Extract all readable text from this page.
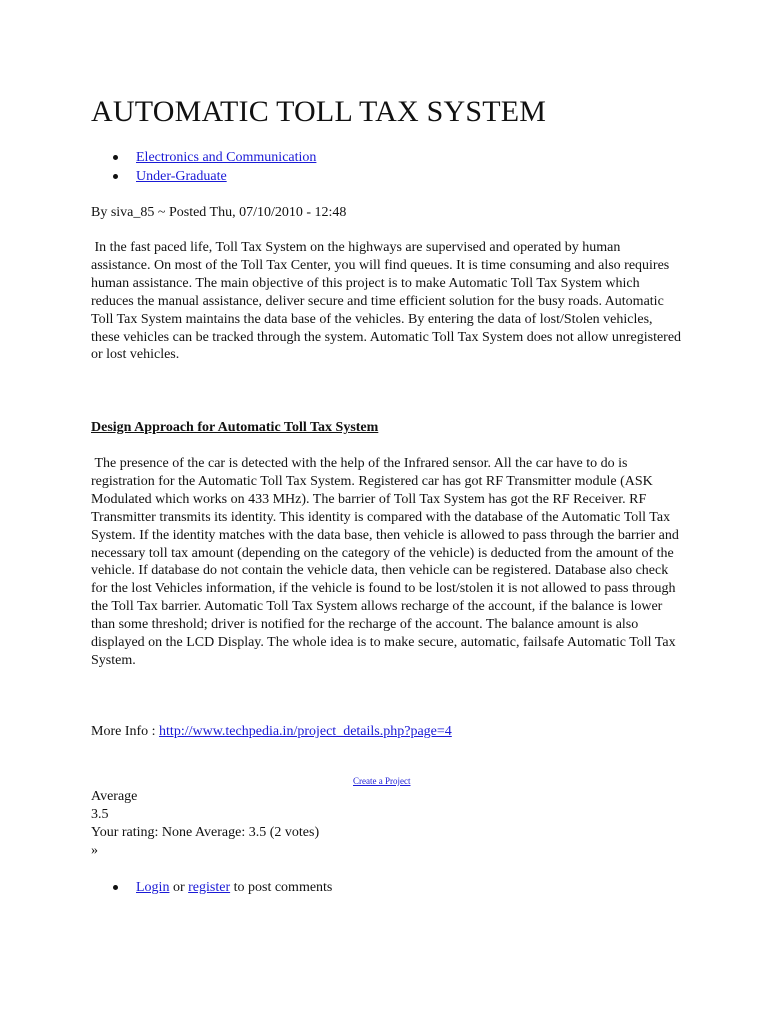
AUTOMATIC TOLL TAX SYSTEM
Electronics and Communication
Under-Graduate
By siva_85 ~ Posted Thu, 07/10/2010 - 12:48

In the fast paced life, Toll Tax System on the highways are supervised and operated by human assistance. On most of the Toll Tax Center, you will find queues. It is time consuming and also requires human assistance. The main objective of this project is to make Automatic Toll Tax System which reduces the manual assistance, deliver secure and time efficient solution for the busy roads. Automatic Toll Tax System maintains the data base of the vehicles. By entering the data of lost/Stolen vehicles, these vehicles can be tracked through the system. Automatic Toll Tax System does not allow unregistered or lost vehicles.

Design Approach for Automatic Toll Tax System

The presence of the car is detected with the help of the Infrared sensor. All the car have to do is registration for the Automatic Toll Tax System. Registered car has got RF Transmitter module (ASK Modulated which works on 433 MHz). The barrier of Toll Tax System has got the RF Receiver. RF Transmitter transmits its identity. This identity is compared with the database of the Automatic Toll Tax System. If the identity matches with the data base, then vehicle is allowed to pass through the barrier and necessary toll tax amount (depending on the category of the vehicle) is deducted from the amount of the vehicle. If database do not contain the vehicle data, then vehicle can be registered. Database also check for the lost Vehicles information, if the vehicle is found to be lost/stolen it is not allowed to pass through the Toll Tax barrier. Automatic Toll Tax System allows recharge of the account, if the balance is lower than some threshold; driver is notified for the recharge of the account. The balance amount is also displayed on the LCD Display. The whole idea is to make secure, automatic, failsafe Automatic Toll Tax System.

More Info : http://www.techpedia.in/project_details.php?page=4
Create a Project
Average
3.5
Your rating: None Average: 3.5 (2 votes)
»
Login or register to post comments
